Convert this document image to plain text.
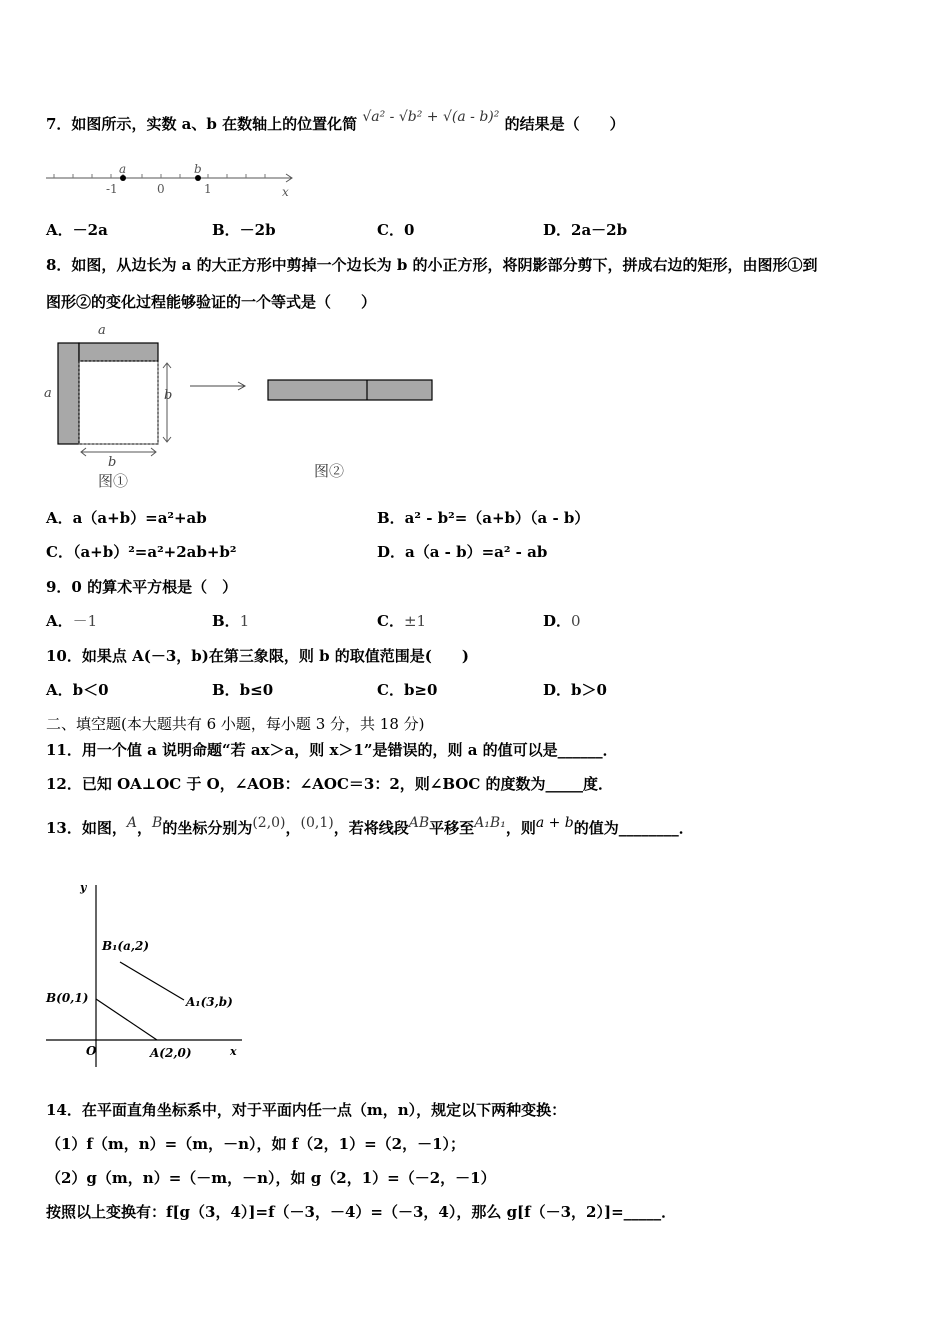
7．如图所示，实数 a、b 在数轴上的位置化简 √a² - √b² + √(a - b)² 的结果是（　　）
a	b
-1	0	1	x
A．－2a	B．－2b	C．0	D．2a－2b
8．如图，从边长为 a 的大正方形中剪掉一个边长为 b 的小正方形，将阴影部分剪下，拼成右边的矩形，由图形①到
图形②的变化过程能够验证的一个等式是（　　）
a
a	b
b
图①
图②
A．a（a+b）=a²+ab	B．a² - b²=（a+b）（a - b）
C．（a+b）²=a²+2ab+b²	D．a（a - b）=a² - ab
9．0 的算术平方根是（　）
A．－1	B．1	C．±1	D．0
10．如果点 A(－3，b)在第三象限，则 b 的取值范围是(　　)
A．b＜0	B．b≤0	C．b≥0	D．b＞0
二、填空题(本大题共有 6 小题，每小题 3 分，共 18 分)
11．用一个值 a 说明命题“若 ax＞a，则 x＞1”是错误的，则 a 的值可以是______．
12．已知 OA⊥OC 于 O，∠AOB：∠AOC＝3：2，则∠BOC 的度数为_____度．
13．如图，A，B的坐标分别为(2,0)，(0,1)，若将线段AB平移至A₁B₁，则a + b的值为________．
y
x
O
B₁(a,2)
A₁(3,b)
B(0,1)
A(2,0)
14．在平面直角坐标系中，对于平面内任一点（m，n），规定以下两种变换：
（1）f（m，n）=（m，－n），如 f（2，1）=（2，－1）；
（2）g（m，n）=（－m，－n），如 g（2，1）=（－2，－1）
按照以上变换有：f[g（3，4）]=f（－3，－4）=（－3，4），那么 g[f（－3，2）]=_____．
